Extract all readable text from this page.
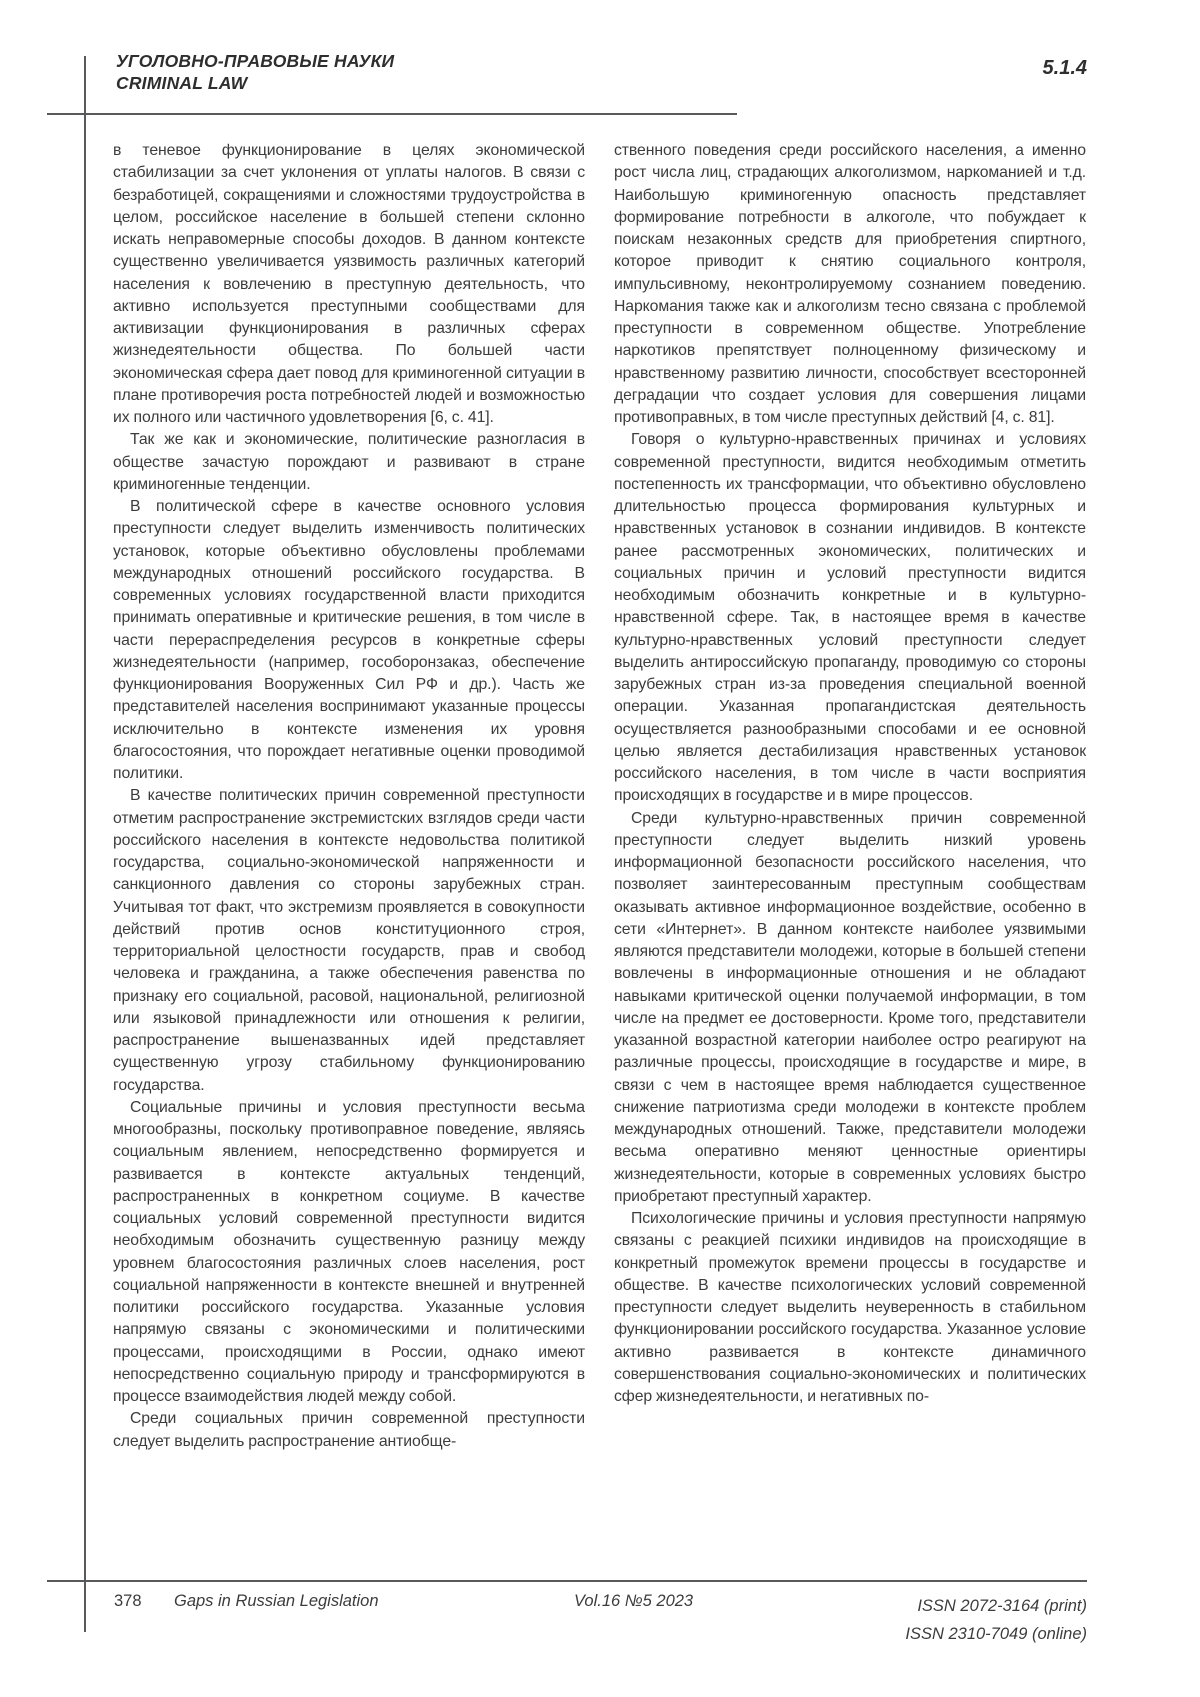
УГОЛОВНО-ПРАВОВЫЕ НАУКИ
CRIMINAL LAW
5.1.4

в теневое функционирование в целях экономической стабилизации за счет уклонения от уплаты налогов. В связи с безработицей, сокращениями и сложностями трудоустройства в целом, российское население в большей степени склонно искать неправомерные способы доходов. В данном контексте существенно увеличивается уязвимость различных категорий населения к вовлечению в преступную деятельность, что активно используется преступными сообществами для активизации функционирования в различных сферах жизнедеятельности общества. По большей части экономическая сфера дает повод для криминогенной ситуации в плане противоречия роста потребностей людей и возможностью их полного или частичного удовлетворения [6, с. 41].

Так же как и экономические, политические разногласия в обществе зачастую порождают и развивают в стране криминогенные тенденции.

В политической сфере в качестве основного условия преступности следует выделить изменчивость политических установок, которые объективно обусловлены проблемами международных отношений российского государства. В современных условиях государственной власти приходится принимать оперативные и критические решения, в том числе в части перераспределения ресурсов в конкретные сферы жизнедеятельности (например, гособоронзаказ, обеспечение функционирования Вооруженных Сил РФ и др.). Часть же представителей населения воспринимают указанные процессы исключительно в контексте изменения их уровня благосостояния, что порождает негативные оценки проводимой политики.

В качестве политических причин современной преступности отметим распространение экстремистских взглядов среди части российского населения в контексте недовольства политикой государства, социально-экономической напряженности и санкционного давления со стороны зарубежных стран. Учитывая тот факт, что экстремизм проявляется в совокупности действий против основ конституционного строя, территориальной целостности государств, прав и свобод человека и гражданина, а также обеспечения равенства по признаку его социальной, расовой, национальной, религиозной или языковой принадлежности или отношения к религии, распространение вышеназванных идей представляет существенную угрозу стабильному функционированию государства.

Социальные причины и условия преступности весьма многообразны, поскольку противоправное поведение, являясь социальным явлением, непосредственно формируется и развивается в контексте актуальных тенденций, распространенных в конкретном социуме. В качестве социальных условий современной преступности видится необходимым обозначить существенную разницу между уровнем благосостояния различных слоев населения, рост социальной напряженности в контексте внешней и внутренней политики российского государства. Указанные условия напрямую связаны с экономическими и политическими процессами, происходящими в России, однако имеют непосредственно социальную природу и трансформируются в процессе взаимодействия людей между собой.

Среди социальных причин современной преступности следует выделить распространение антиобще-

ственного поведения среди российского населения, а именно рост числа лиц, страдающих алкоголизмом, наркоманией и т.д. Наибольшую криминогенную опасность представляет формирование потребности в алкоголе, что побуждает к поискам незаконных средств для приобретения спиртного, которое приводит к снятию социального контроля, импульсивному, неконтролируемому сознанием поведению. Наркомания также как и алкоголизм тесно связана с проблемой преступности в современном обществе. Употребление наркотиков препятствует полноценному физическому и нравственному развитию личности, способствует всесторонней деградации что создает условия для совершения лицами противоправных, в том числе преступных действий [4, с. 81].

Говоря о культурно-нравственных причинах и условиях современной преступности, видится необходимым отметить постепенность их трансформации, что объективно обусловлено длительностью процесса формирования культурных и нравственных установок в сознании индивидов. В контексте ранее рассмотренных экономических, политических и социальных причин и условий преступности видится необходимым обозначить конкретные и в культурно-нравственной сфере. Так, в настоящее время в качестве культурно-нравственных условий преступности следует выделить антироссийскую пропаганду, проводимую со стороны зарубежных стран из-за проведения специальной военной операции. Указанная пропагандистская деятельность осуществляется разнообразными способами и ее основной целью является дестабилизация нравственных установок российского населения, в том числе в части восприятия происходящих в государстве и в мире процессов.

Среди культурно-нравственных причин современной преступности следует выделить низкий уровень информационной безопасности российского населения, что позволяет заинтересованным преступным сообществам оказывать активное информационное воздействие, особенно в сети «Интернет». В данном контексте наиболее уязвимыми являются представители молодежи, которые в большей степени вовлечены в информационные отношения и не обладают навыками критической оценки получаемой информации, в том числе на предмет ее достоверности. Кроме того, представители указанной возрастной категории наиболее остро реагируют на различные процессы, происходящие в государстве и мире, в связи с чем в настоящее время наблюдается существенное снижение патриотизма среди молодежи в контексте проблем международных отношений. Также, представители молодежи весьма оперативно меняют ценностные ориентиры жизнедеятельности, которые в современных условиях быстро приобретают преступный характер.

Психологические причины и условия преступности напрямую связаны с реакцией психики индивидов на происходящие в конкретный промежуток времени процессы в государстве и обществе. В качестве психологических условий современной преступности следует выделить неуверенность в стабильном функционировании российского государства. Указанное условие активно развивается в контексте динамичного совершенствования социально-экономических и политических сфер жизнедеятельности, и негативных по-

378 Gaps in Russian Legislation	Vol.16 №5 2023	ISSN 2072-3164 (print)
ISSN 2310-7049 (online)
